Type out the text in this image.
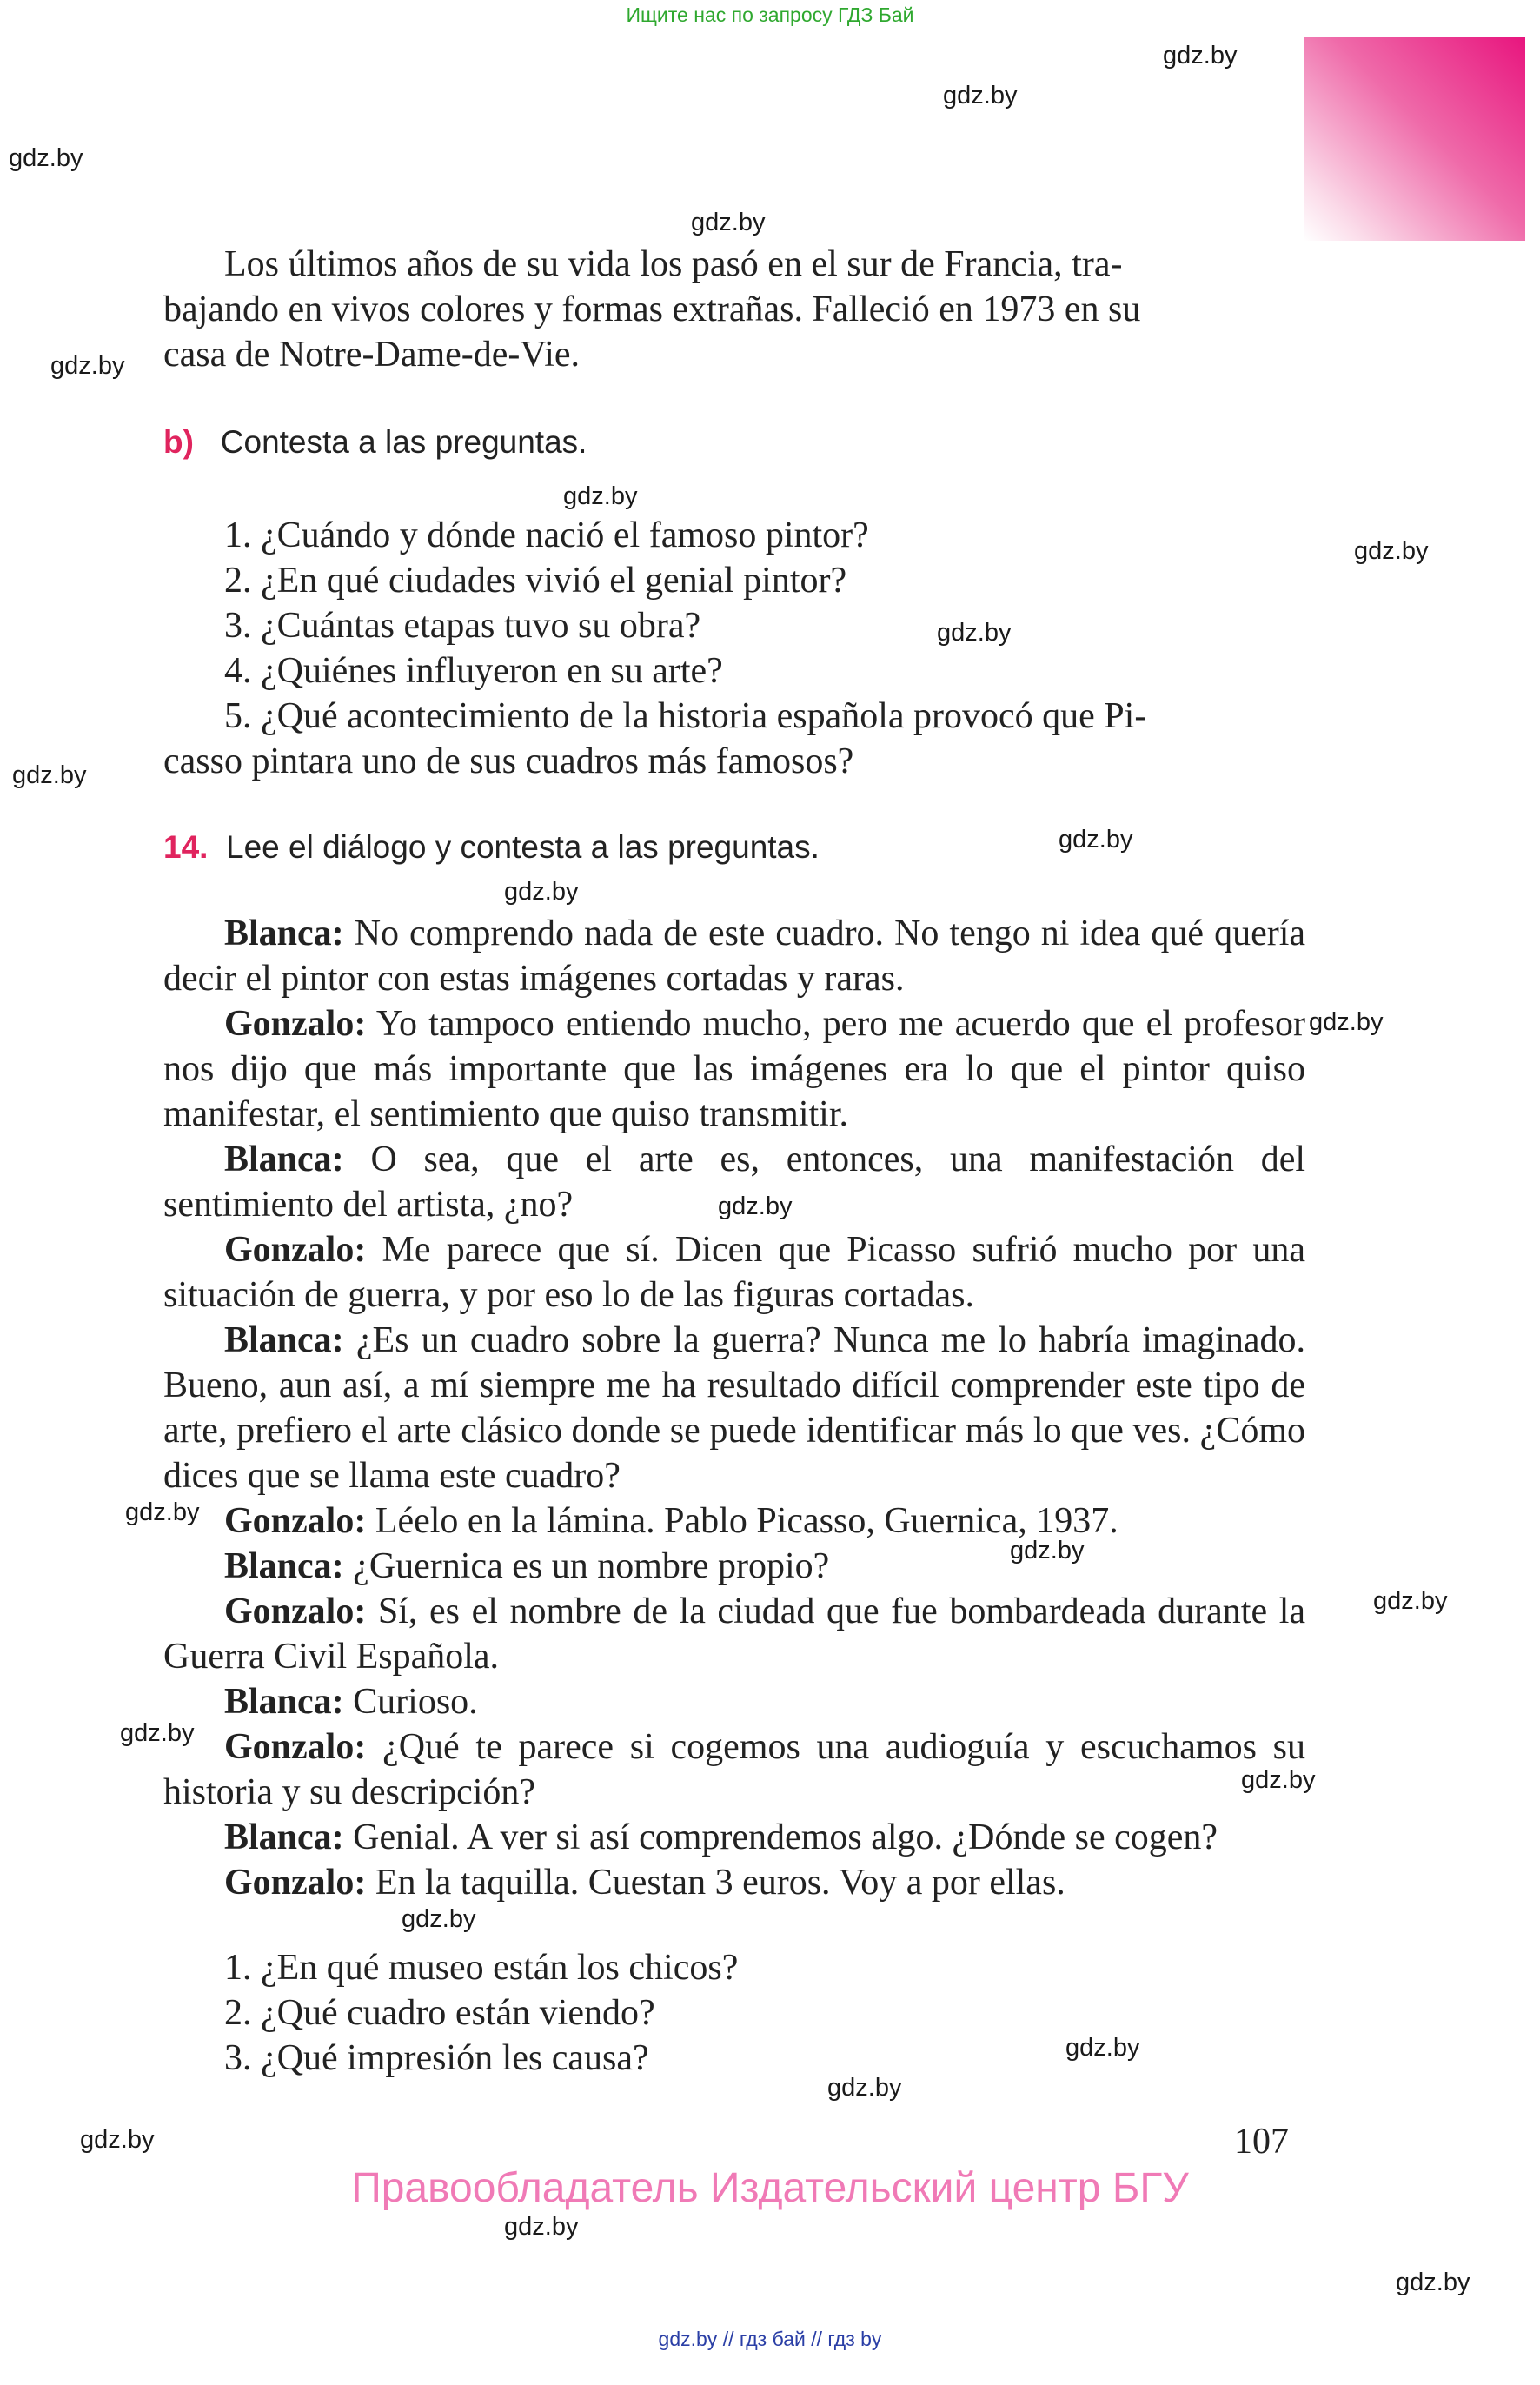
Ищите нас по запросу ГДЗ Бай
gdz.by
gdz.by
gdz.by
gdz.by
gdz.by
gdz.by
gdz.by
gdz.by
gdz.by
gdz.by
gdz.by
gdz.by
gdz.by
gdz.by
gdz.by
gdz.by
gdz.by
gdz.by
gdz.by
gdz.by
gdz.by
gdz.by
gdz.by
gdz.by
Los últimos años de su vida los pasó en el sur de Francia, tra-
bajando en vivos colores y formas extrañas. Falleció en 1973 en su
casa de Notre-Dame-de-Vie.
b) Contesta a las preguntas.
1. ¿Cuándo y dónde nació el famoso pintor?
2. ¿En qué ciudades vivió el genial pintor?
3. ¿Cuántas etapas tuvo su obra?
4. ¿Quiénes influyeron en su arte?
5. ¿Qué acontecimiento de la historia española provocó que Pi-
casso pintara uno de sus cuadros más famosos?
14. Lee el diálogo y contesta a las preguntas.

Blanca: No comprendo nada de este cuadro. No tengo ni idea qué quería decir el pintor con estas imágenes cortadas y raras.

Gonzalo: Yo tampoco entiendo mucho, pero me acuerdo que el profesor nos dijo que más importante que las imágenes era lo que el pintor quiso manifestar, el sentimiento que quiso transmitir.

Blanca: O sea, que el arte es, entonces, una manifestación del sentimiento del artista, ¿no?

Gonzalo: Me parece que sí. Dicen que Picasso sufrió mucho por una situación de guerra, y por eso lo de las figuras cortadas.

Blanca: ¿Es un cuadro sobre la guerra? Nunca me lo habría imaginado. Bueno, aun así, a mí siempre me ha resultado difícil comprender este tipo de arte, prefiero el arte clásico donde se puede identificar más lo que ves. ¿Cómo dices que se llama este cuadro?

Gonzalo: Léelo en la lámina. Pablo Picasso, Guernica, 1937.

Blanca: ¿Guernica es un nombre propio?

Gonzalo: Sí, es el nombre de la ciudad que fue bombardeada durante la Guerra Civil Española.

Blanca: Curioso.

Gonzalo: ¿Qué te parece si cogemos una audioguía y escuchamos su historia y su descripción?

Blanca: Genial. A ver si así comprendemos algo. ¿Dónde se cogen?

Gonzalo: En la taquilla. Cuestan 3 euros. Voy a por ellas.

1. ¿En qué museo están los chicos?
2. ¿Qué cuadro están viendo?
3. ¿Qué impresión les causa?
107
Правообладатель Издательский центр БГУ
gdz.by // гдз бай // гдз by
